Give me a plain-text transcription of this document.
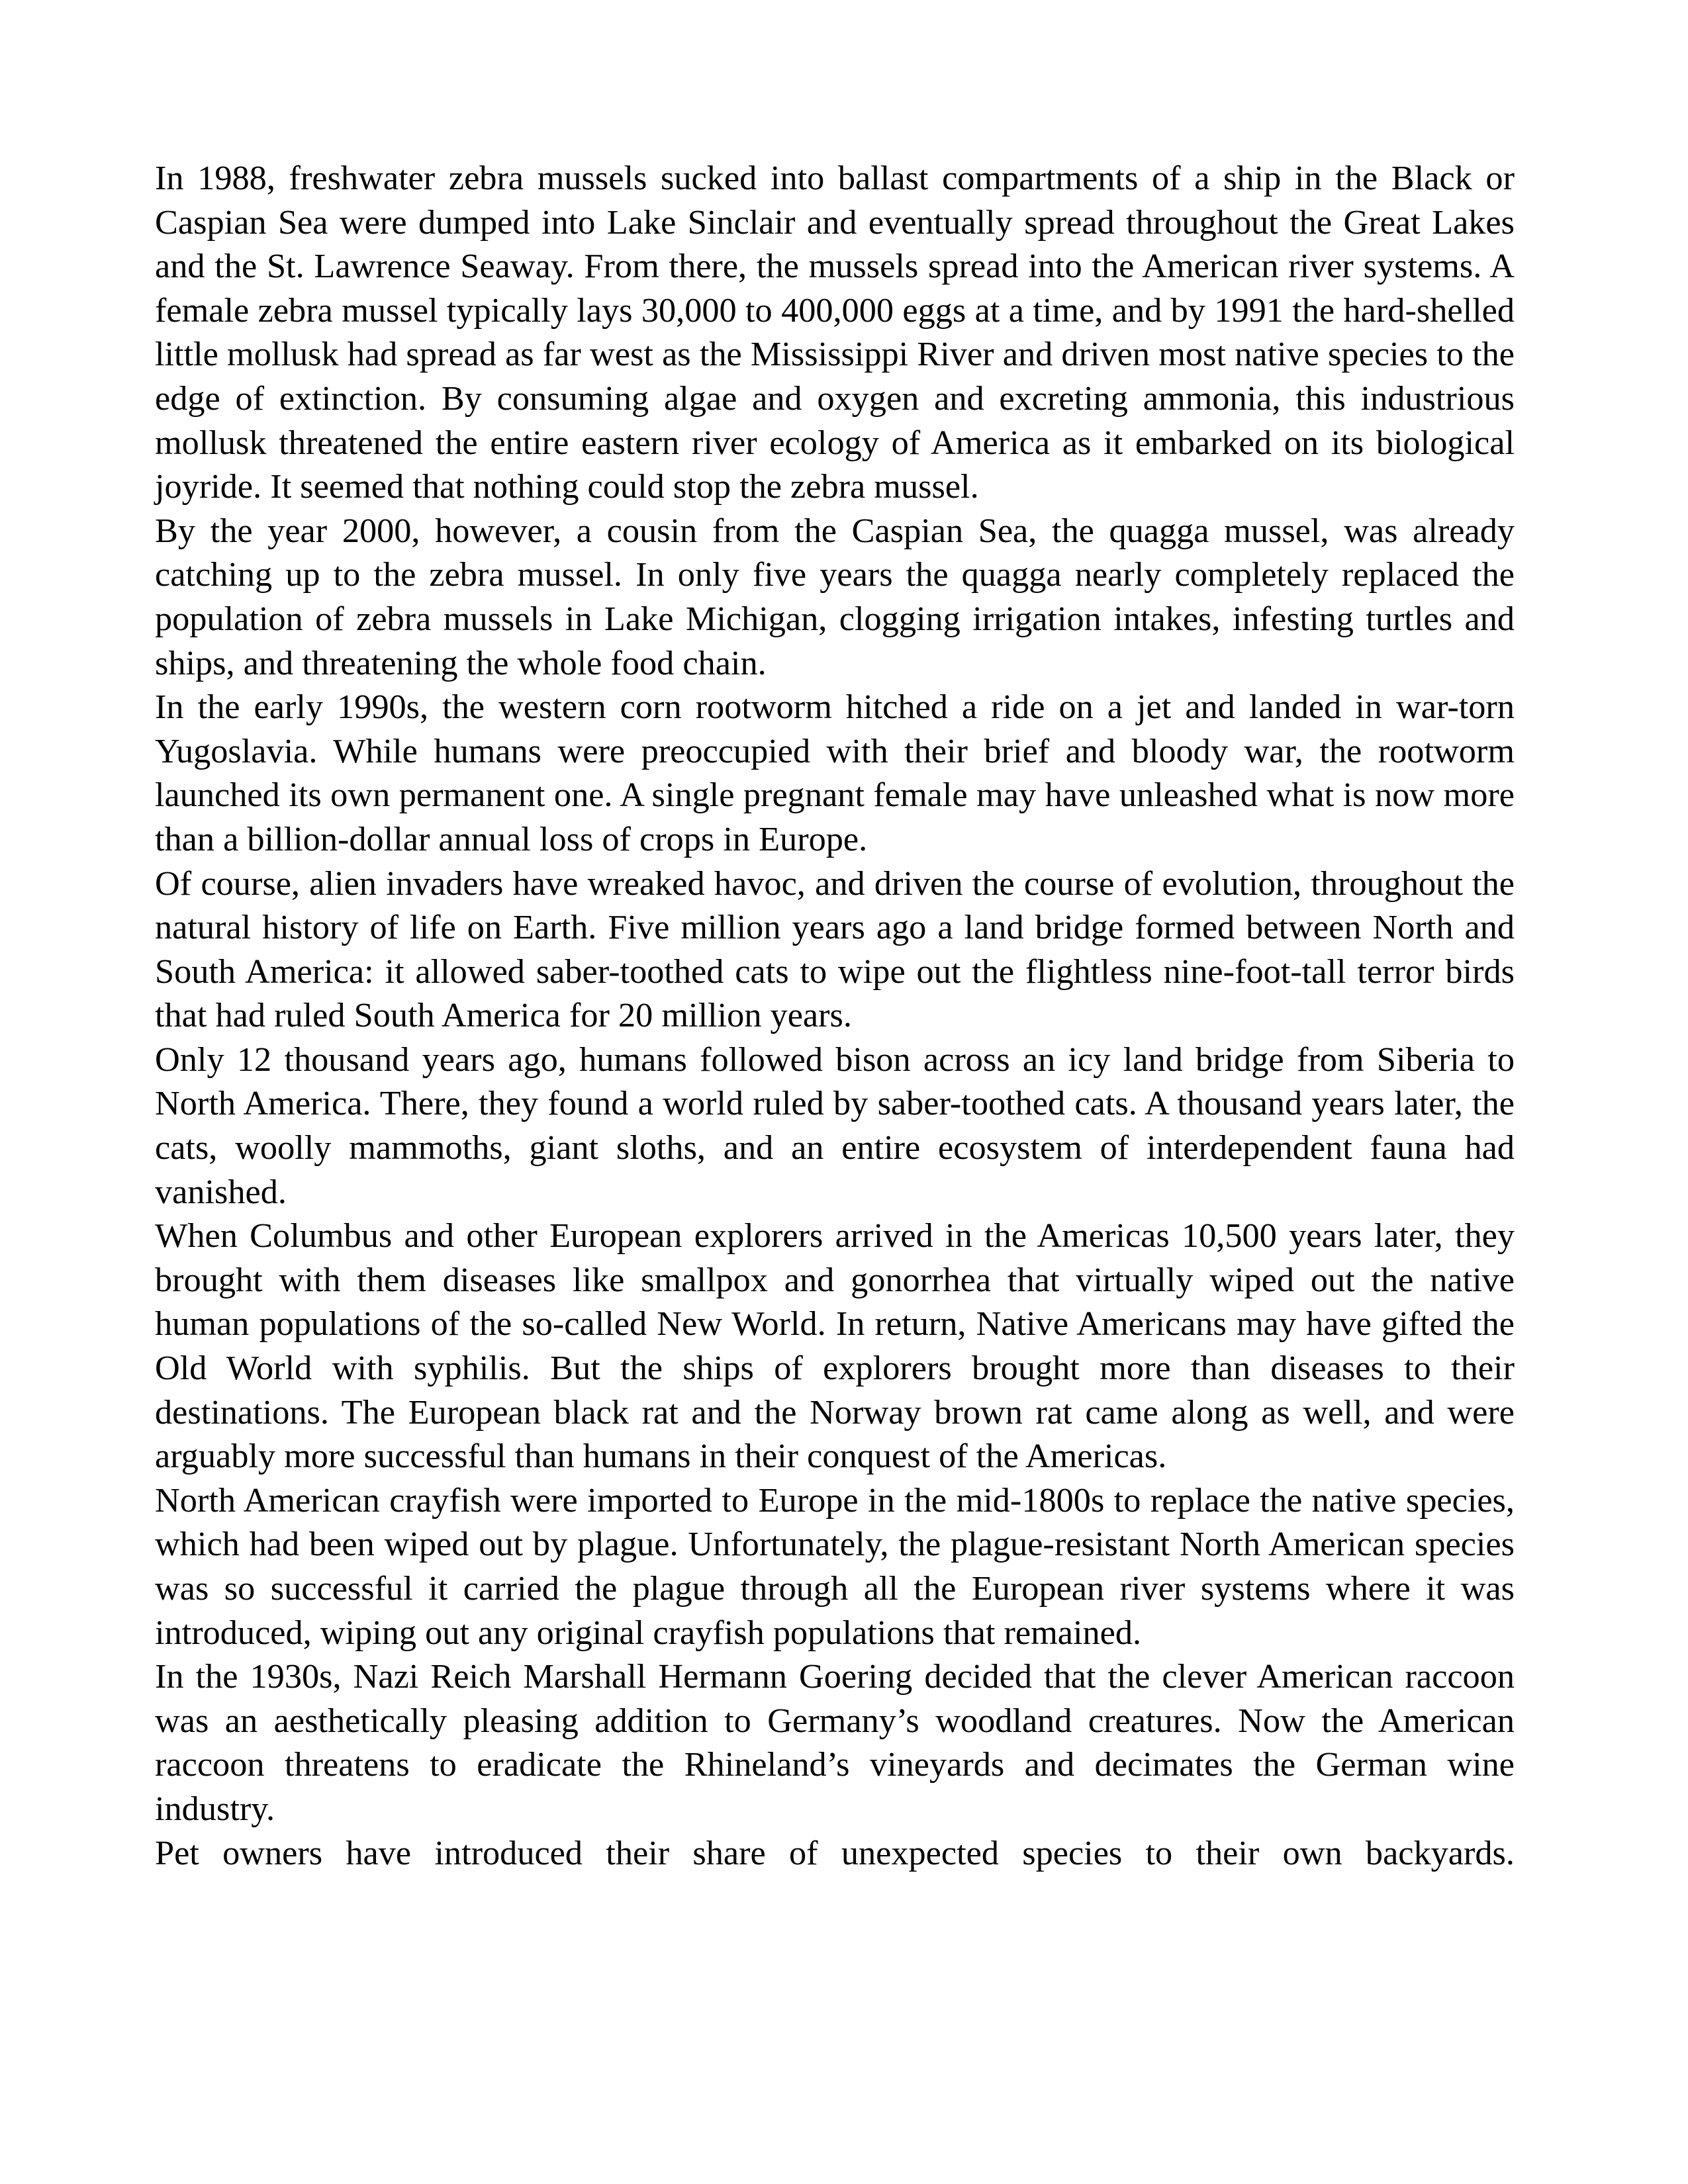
In 1988, freshwater zebra mussels sucked into ballast compartments of a ship in the Black or Caspian Sea were dumped into Lake Sinclair and eventually spread throughout the Great Lakes and the St. Lawrence Seaway. From there, the mussels spread into the American river systems. A female zebra mussel typically lays 30,000 to 400,000 eggs at a time, and by 1991 the hard-shelled little mollusk had spread as far west as the Mississippi River and driven most native species to the edge of extinction. By consuming algae and oxygen and excreting ammonia, this industrious mollusk threatened the entire eastern river ecology of America as it embarked on its biological joyride. It seemed that nothing could stop the zebra mussel.

By the year 2000, however, a cousin from the Caspian Sea, the quagga mussel, was already catching up to the zebra mussel. In only five years the quagga nearly completely replaced the population of zebra mussels in Lake Michigan, clogging irrigation intakes, infesting turtles and ships, and threatening the whole food chain.

In the early 1990s, the western corn rootworm hitched a ride on a jet and landed in war-torn Yugoslavia. While humans were preoccupied with their brief and bloody war, the rootworm launched its own permanent one. A single pregnant female may have unleashed what is now more than a billion-dollar annual loss of crops in Europe.

Of course, alien invaders have wreaked havoc, and driven the course of evolution, throughout the natural history of life on Earth. Five million years ago a land bridge formed between North and South America: it allowed saber-toothed cats to wipe out the flightless nine-foot-tall terror birds that had ruled South America for 20 million years.

Only 12 thousand years ago, humans followed bison across an icy land bridge from Siberia to North America. There, they found a world ruled by saber-toothed cats. A thousand years later, the cats, woolly mammoths, giant sloths, and an entire ecosystem of interdependent fauna had vanished.

When Columbus and other European explorers arrived in the Americas 10,500 years later, they brought with them diseases like smallpox and gonorrhea that virtually wiped out the native human populations of the so-called New World. In return, Native Americans may have gifted the Old World with syphilis. But the ships of explorers brought more than diseases to their destinations. The European black rat and the Norway brown rat came along as well, and were arguably more successful than humans in their conquest of the Americas.

North American crayfish were imported to Europe in the mid-1800s to replace the native species, which had been wiped out by plague. Unfortunately, the plague-resistant North American species was so successful it carried the plague through all the European river systems where it was introduced, wiping out any original crayfish populations that remained.

In the 1930s, Nazi Reich Marshall Hermann Goering decided that the clever American raccoon was an aesthetically pleasing addition to Germany’s woodland creatures. Now the American raccoon threatens to eradicate the Rhineland’s vineyards and decimates the German wine industry.

Pet owners have introduced their share of unexpected species to their own backyards.
